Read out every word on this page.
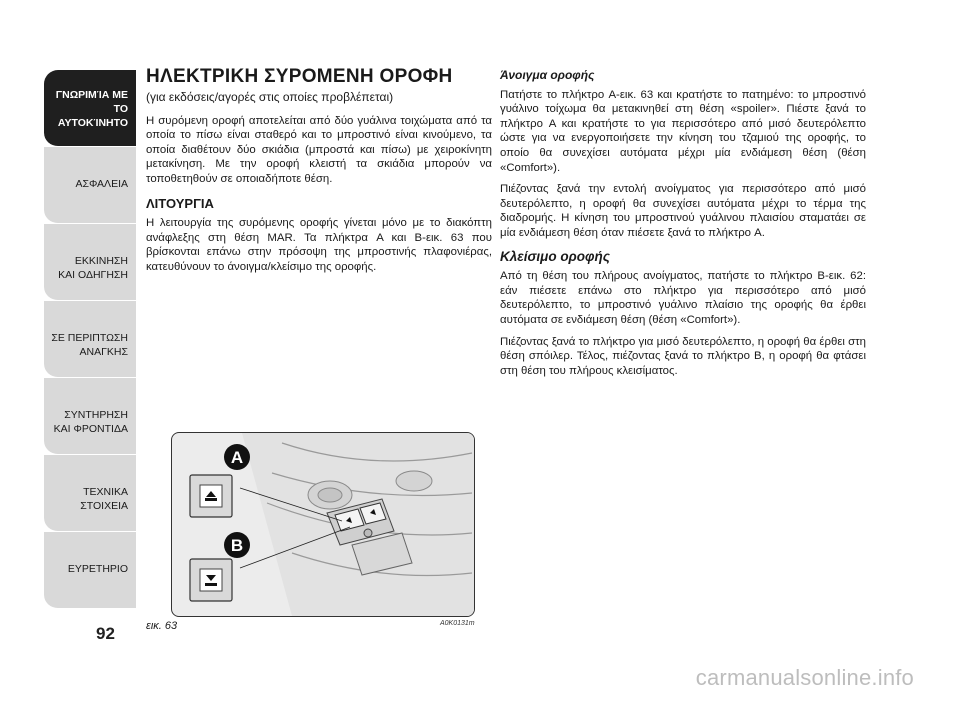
ΓΝΩΡΙΜΊΑ ΜΕ ΤΟ
ΑΥΤΟΚΊΝΗΤΟ
ΑΣΦΑΛΕΙΑ
ΕΚΚΙΝΗΣΗ
ΚΑΙ ΟΔΗΓΗΣΗ
ΣΕ ΠΕΡΙΠΤΩΣΗ
ΑΝΑΓΚΗΣ
ΣΥΝΤΗΡΗΣΗ
ΚΑΙ ΦΡΟΝΤΙΔΑ
ΤΕΧΝΙΚΑ
ΣΤΟΙΧΕΙΑ
ΕΥΡΕΤΗΡΙΟ
92
ΗΛΕΚΤΡΙΚΗ ΣΥΡΟΜΕΝΗ ΟΡΟΦΗ
(για εκδόσεις/αγορές στις οποίες προβλέπεται)

Η συρόμενη οροφή αποτελείται από δύο γυάλινα τοιχώματα από τα οποία το πίσω είναι σταθερό και το μπροστινό είναι κινούμενο, τα οποία διαθέτουν δύο σκιάδια (μπροστά και πίσω) με χειροκίνητη μετακίνηση. Με την οροφή κλειστή τα σκιάδια μπορούν να τοποθετηθούν σε οποιαδήποτε θέση.

ΛΙΤΟΥΡΓΙΑ

Η λειτουργία της συρόμενης οροφής γίνεται μόνο με το διακόπτη ανάφλεξης στη θέση MAR. Τα πλήκτρα A και B-εικ. 63 που βρίσκονται επάνω στην πρόσοψη της μπροστινής πλαφονιέρας, κατευθύνουν το άνοιγμα/κλείσιμο της οροφής.

Άνοιγμα οροφής

Πατήστε το πλήκτρο A-εικ. 63 και κρατήστε το πατημένο: το μπροστινό γυάλινο τοίχωμα θα μετακινηθεί στη θέση «spoiler». Πιέστε ξανά το πλήκτρο A και κρατήστε το για περισσότερο από μισό δευτερόλεπτο ώστε για να ενεργοποιήσετε την κίνηση του τζαμιού της οροφής, το οποίο θα συνεχίσει αυτόματα μέχρι μία ενδιάμεση θέση (θέση «Comfort»).

Πιέζοντας ξανά την εντολή ανοίγματος για περισσότερο από μισό δευτερόλεπτο, η οροφή θα συνεχίσει αυτόματα μέχρι το τέρμα της διαδρομής. Η κίνηση του μπροστινού γυάλινου πλαισίου σταματάει σε μία ενδιάμεση θέση όταν πιέσετε ξανά το πλήκτρο A.

Κλείσιμο οροφής

Από τη θέση του πλήρους ανοίγματος, πατήστε το πλήκτρο B-εικ. 62: εάν πιέσετε επάνω στο πλήκτρο για περισσότερο από μισό δευτερόλεπτο, το μπροστινό γυάλινο πλαίσιο της οροφής θα έρθει αυτόματα σε ενδιάμεση θέση (θέση «Comfort»).

Πιέζοντας ξανά το πλήκτρο για μισό δευτερόλεπτο, η οροφή θα έρθει στη θέση σπόιλερ. Τέλος, πιέζοντας ξανά το πλήκτρο B, η οροφή θα φτάσει στη θέση του πλήρους κλεισίματος.

A
B
εικ. 63	A0K0131m
carmanualsonline.info
